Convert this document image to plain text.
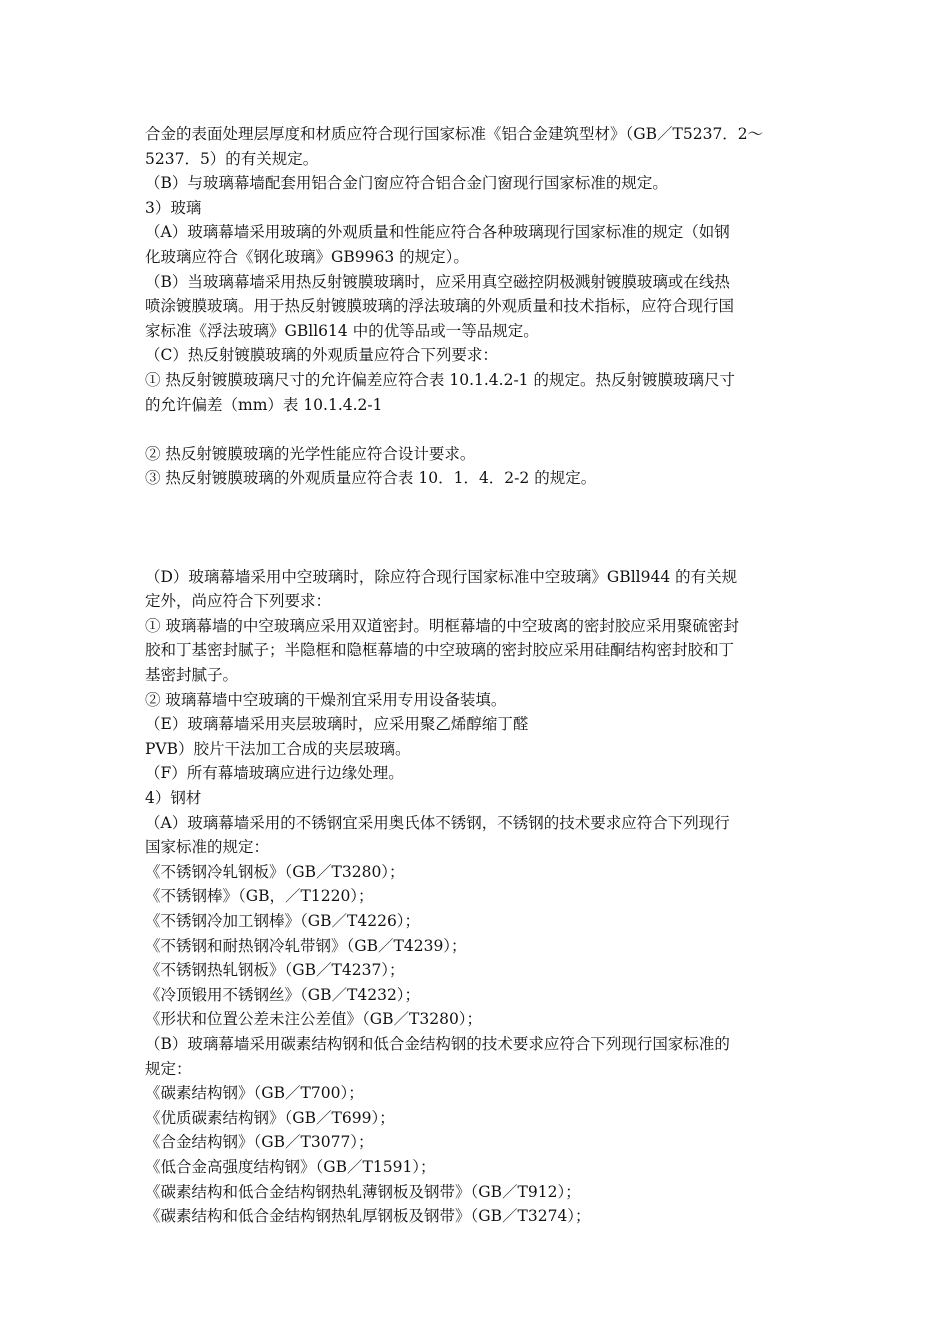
合金的表面处理层厚度和材质应符合现行国家标准《铝合金建筑型材》（GB／T5237．2～
5237．5）的有关规定。
（B）与玻璃幕墙配套用铝合金门窗应符合铝合金门窗现行国家标准的规定。
3）玻璃
（A）玻璃幕墙采用玻璃的外观质量和性能应符合各种玻璃现行国家标准的规定（如钢
化玻璃应符合《钢化玻璃》GB9963 的规定）。
（B）当玻璃幕墙采用热反射镀膜玻璃时，应采用真空磁控阴极溅射镀膜玻璃或在线热
喷涂镀膜玻璃。用于热反射镀膜玻璃的浮法玻璃的外观质量和技术指标，应符合现行国
家标准《浮法玻璃》GBll614 中的优等品或一等品规定。
（C）热反射镀膜玻璃的外观质量应符合下列要求：
① 热反射镀膜玻璃尺寸的允许偏差应符合表 10.1.4.2-1 的规定。热反射镀膜玻璃尺寸
的允许偏差（mm）表 10.1.4.2-1
② 热反射镀膜玻璃的光学性能应符合设计要求。
③ 热反射镀膜玻璃的外观质量应符合表 10．1．4．2-2 的规定。
（D）玻璃幕墙采用中空玻璃时，除应符合现行国家标准中空玻璃》GBll944 的有关规
定外，尚应符合下列要求：
① 玻璃幕墙的中空玻璃应采用双道密封。明框幕墙的中空玻离的密封胶应采用聚硫密封
胶和丁基密封腻子；半隐框和隐框幕墙的中空玻璃的密封胶应采用硅酮结构密封胶和丁
基密封腻子。
② 玻璃幕墙中空玻璃的干燥剂宜采用专用设备装填。
（E）玻璃幕墙采用夹层玻璃时，应采用聚乙烯醇缩丁醛
PVB）胶片干法加工合成的夹层玻璃。
（F）所有幕墙玻璃应进行边缘处理。
4）钢材
（A）玻璃幕墙采用的不锈钢宜采用奥氏体不锈钢，不锈钢的技术要求应符合下列现行
国家标准的规定：
《不锈钢冷轧钢板》（GB／T3280）；
《不锈钢棒》（GB，／T1220）；
《不锈钢冷加工钢棒》（GB／T4226）；
《不锈钢和耐热钢冷轧带钢》（GB／T4239）；
《不锈钢热轧钢板》（GB／T4237）；
《冷顶锻用不锈钢丝》（GB／T4232）；
《形状和位置公差未注公差值》（GB／T3280）；
（B）玻璃幕墙采用碳素结构钢和低合金结构钢的技术要求应符合下列现行国家标准的
规定：
《碳素结构钢》（GB／T700）；
《优质碳素结构钢》（GB／T699）；
《合金结构钢》（GB／T3077）；
《低合金高强度结构钢》（GB／T1591）；
《碳素结构和低合金结构钢热轧薄钢板及钢带》（GB／T912）；
《碳素结构和低合金结构钢热轧厚钢板及钢带》（GB／T3274）；
